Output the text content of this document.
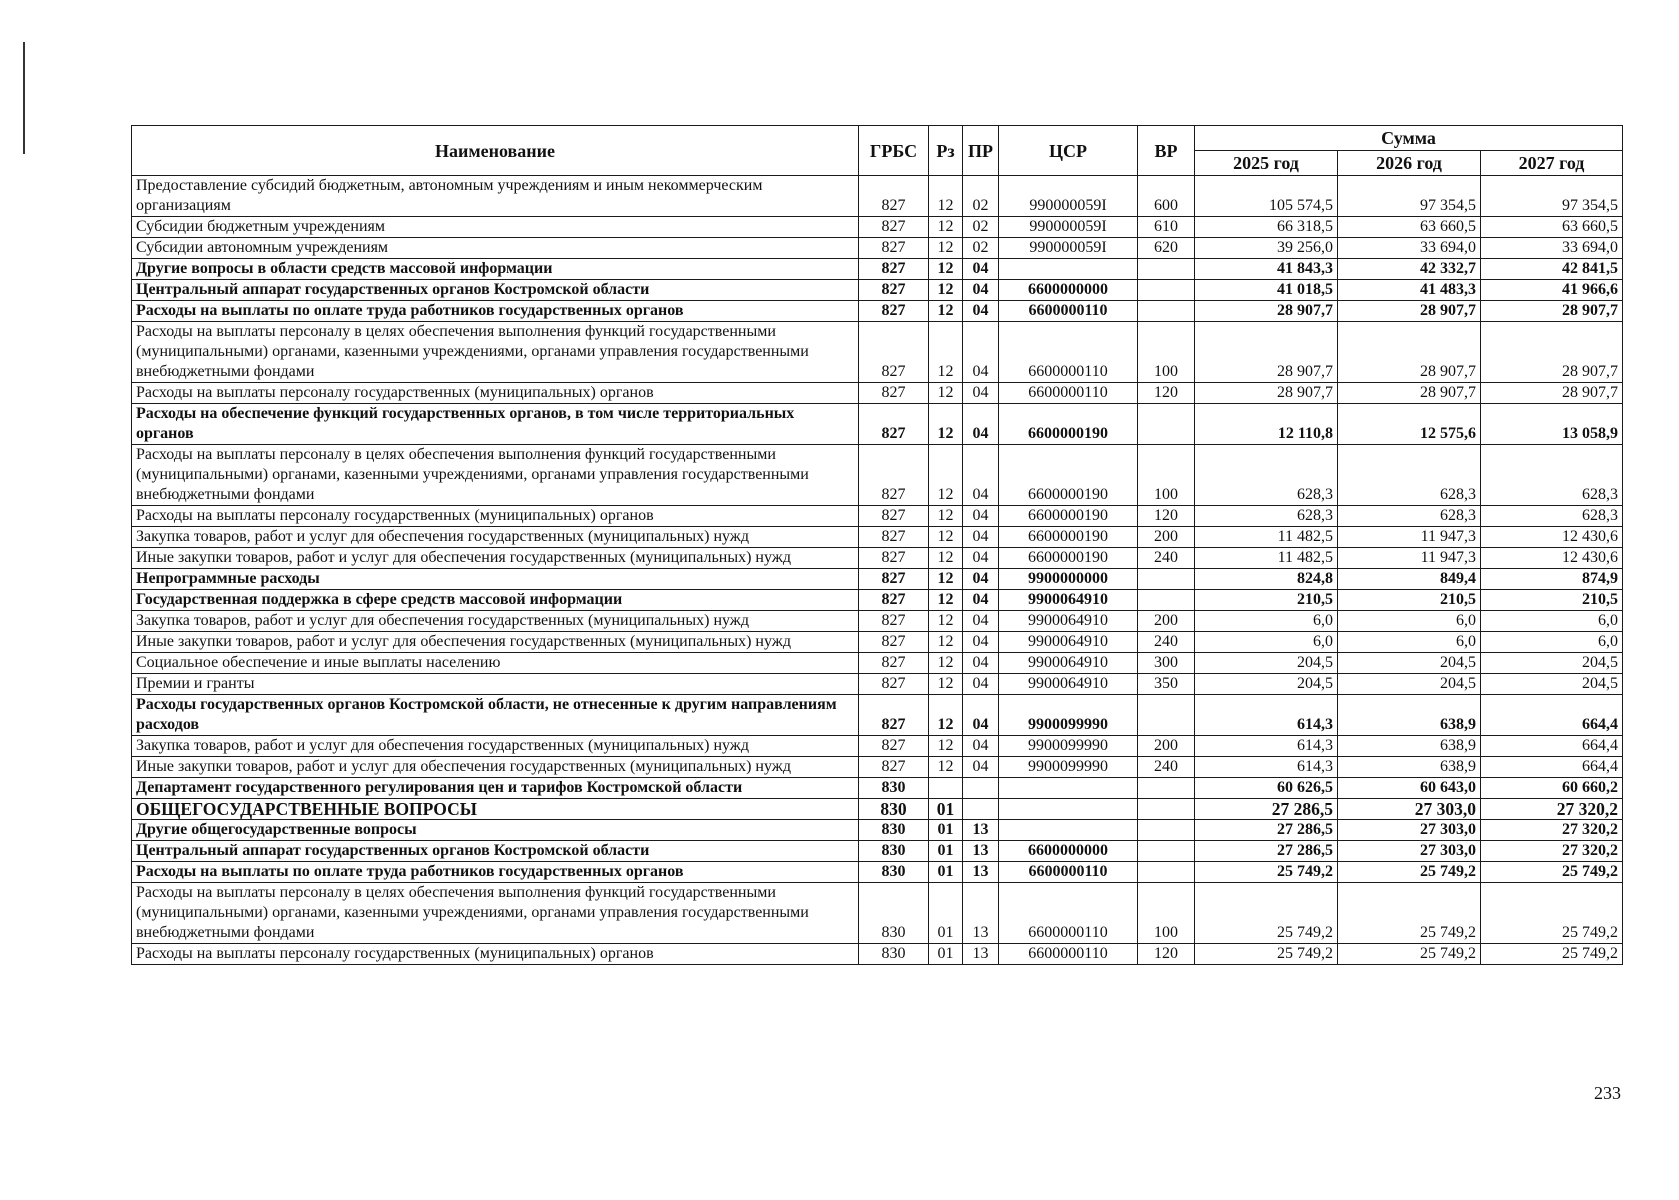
Наименование	ГРБС	Рз	ПР	ЦСР	ВР	Сумма		
						2025 год	2026 год	2027 год
Предоставление субсидий бюджетным, автономным учреждениям и иным некоммерческим организациям	827	12	02	990000059I	600	105 574,5	97 354,5	97 354,5
Субсидии бюджетным учреждениям	827	12	02	990000059I	610	66 318,5	63 660,5	63 660,5
Субсидии автономным учреждениям	827	12	02	990000059I	620	39 256,0	33 694,0	33 694,0
Другие вопросы в области средств массовой информации	827	12	04			41 843,3	42 332,7	42 841,5
Центральный аппарат государственных органов Костромской области	827	12	04	6600000000		41 018,5	41 483,3	41 966,6
Расходы на выплаты по оплате труда работников государственных органов	827	12	04	6600000110		28 907,7	28 907,7	28 907,7
Расходы на выплаты персоналу в целях обеспечения выполнения функций государственными (муниципальными) органами, казенными учреждениями, органами управления государственными внебюджетными фондами	827	12	04	6600000110	100	28 907,7	28 907,7	28 907,7
Расходы на выплаты персоналу государственных (муниципальных) органов	827	12	04	6600000110	120	28 907,7	28 907,7	28 907,7
Расходы на обеспечение функций государственных органов, в том числе территориальных органов	827	12	04	6600000190		12 110,8	12 575,6	13 058,9
Расходы на выплаты персоналу в целях обеспечения выполнения функций государственными (муниципальными) органами, казенными учреждениями, органами управления государственными внебюджетными фондами	827	12	04	6600000190	100	628,3	628,3	628,3
Расходы на выплаты персоналу государственных (муниципальных) органов	827	12	04	6600000190	120	628,3	628,3	628,3
Закупка товаров, работ и услуг для обеспечения государственных (муниципальных) нужд	827	12	04	6600000190	200	11 482,5	11 947,3	12 430,6
Иные закупки товаров, работ и услуг для обеспечения государственных (муниципальных) нужд	827	12	04	6600000190	240	11 482,5	11 947,3	12 430,6
Непрограммные расходы	827	12	04	9900000000		824,8	849,4	874,9
Государственная поддержка в сфере средств массовой информации	827	12	04	9900064910		210,5	210,5	210,5
Закупка товаров, работ и услуг для обеспечения государственных (муниципальных) нужд	827	12	04	9900064910	200	6,0	6,0	6,0
Иные закупки товаров, работ и услуг для обеспечения государственных (муниципальных) нужд	827	12	04	9900064910	240	6,0	6,0	6,0
Социальное обеспечение и иные выплаты населению	827	12	04	9900064910	300	204,5	204,5	204,5
Премии и гранты	827	12	04	9900064910	350	204,5	204,5	204,5
Расходы государственных органов Костромской области, не отнесенные к другим направлениям расходов	827	12	04	9900099990		614,3	638,9	664,4
Закупка товаров, работ и услуг для обеспечения государственных (муниципальных) нужд	827	12	04	9900099990	200	614,3	638,9	664,4
Иные закупки товаров, работ и услуг для обеспечения государственных (муниципальных) нужд	827	12	04	9900099990	240	614,3	638,9	664,4
Департамент государственного регулирования цен и тарифов Костромской области	830					60 626,5	60 643,0	60 660,2
ОБЩЕГОСУДАРСТВЕННЫЕ ВОПРОСЫ	830	01				27 286,5	27 303,0	27 320,2
Другие общегосударственные вопросы	830	01	13			27 286,5	27 303,0	27 320,2
Центральный аппарат государственных органов Костромской области	830	01	13	6600000000		27 286,5	27 303,0	27 320,2
Расходы на выплаты по оплате труда работников государственных органов	830	01	13	6600000110		25 749,2	25 749,2	25 749,2
Расходы на выплаты персоналу в целях обеспечения выполнения функций государственными (муниципальными) органами, казенными учреждениями, органами управления государственными внебюджетными фондами	830	01	13	6600000110	100	25 749,2	25 749,2	25 749,2
Расходы на выплаты персоналу государственных (муниципальных) органов	830	01	13	6600000110	120	25 749,2	25 749,2	25 749,2
233
